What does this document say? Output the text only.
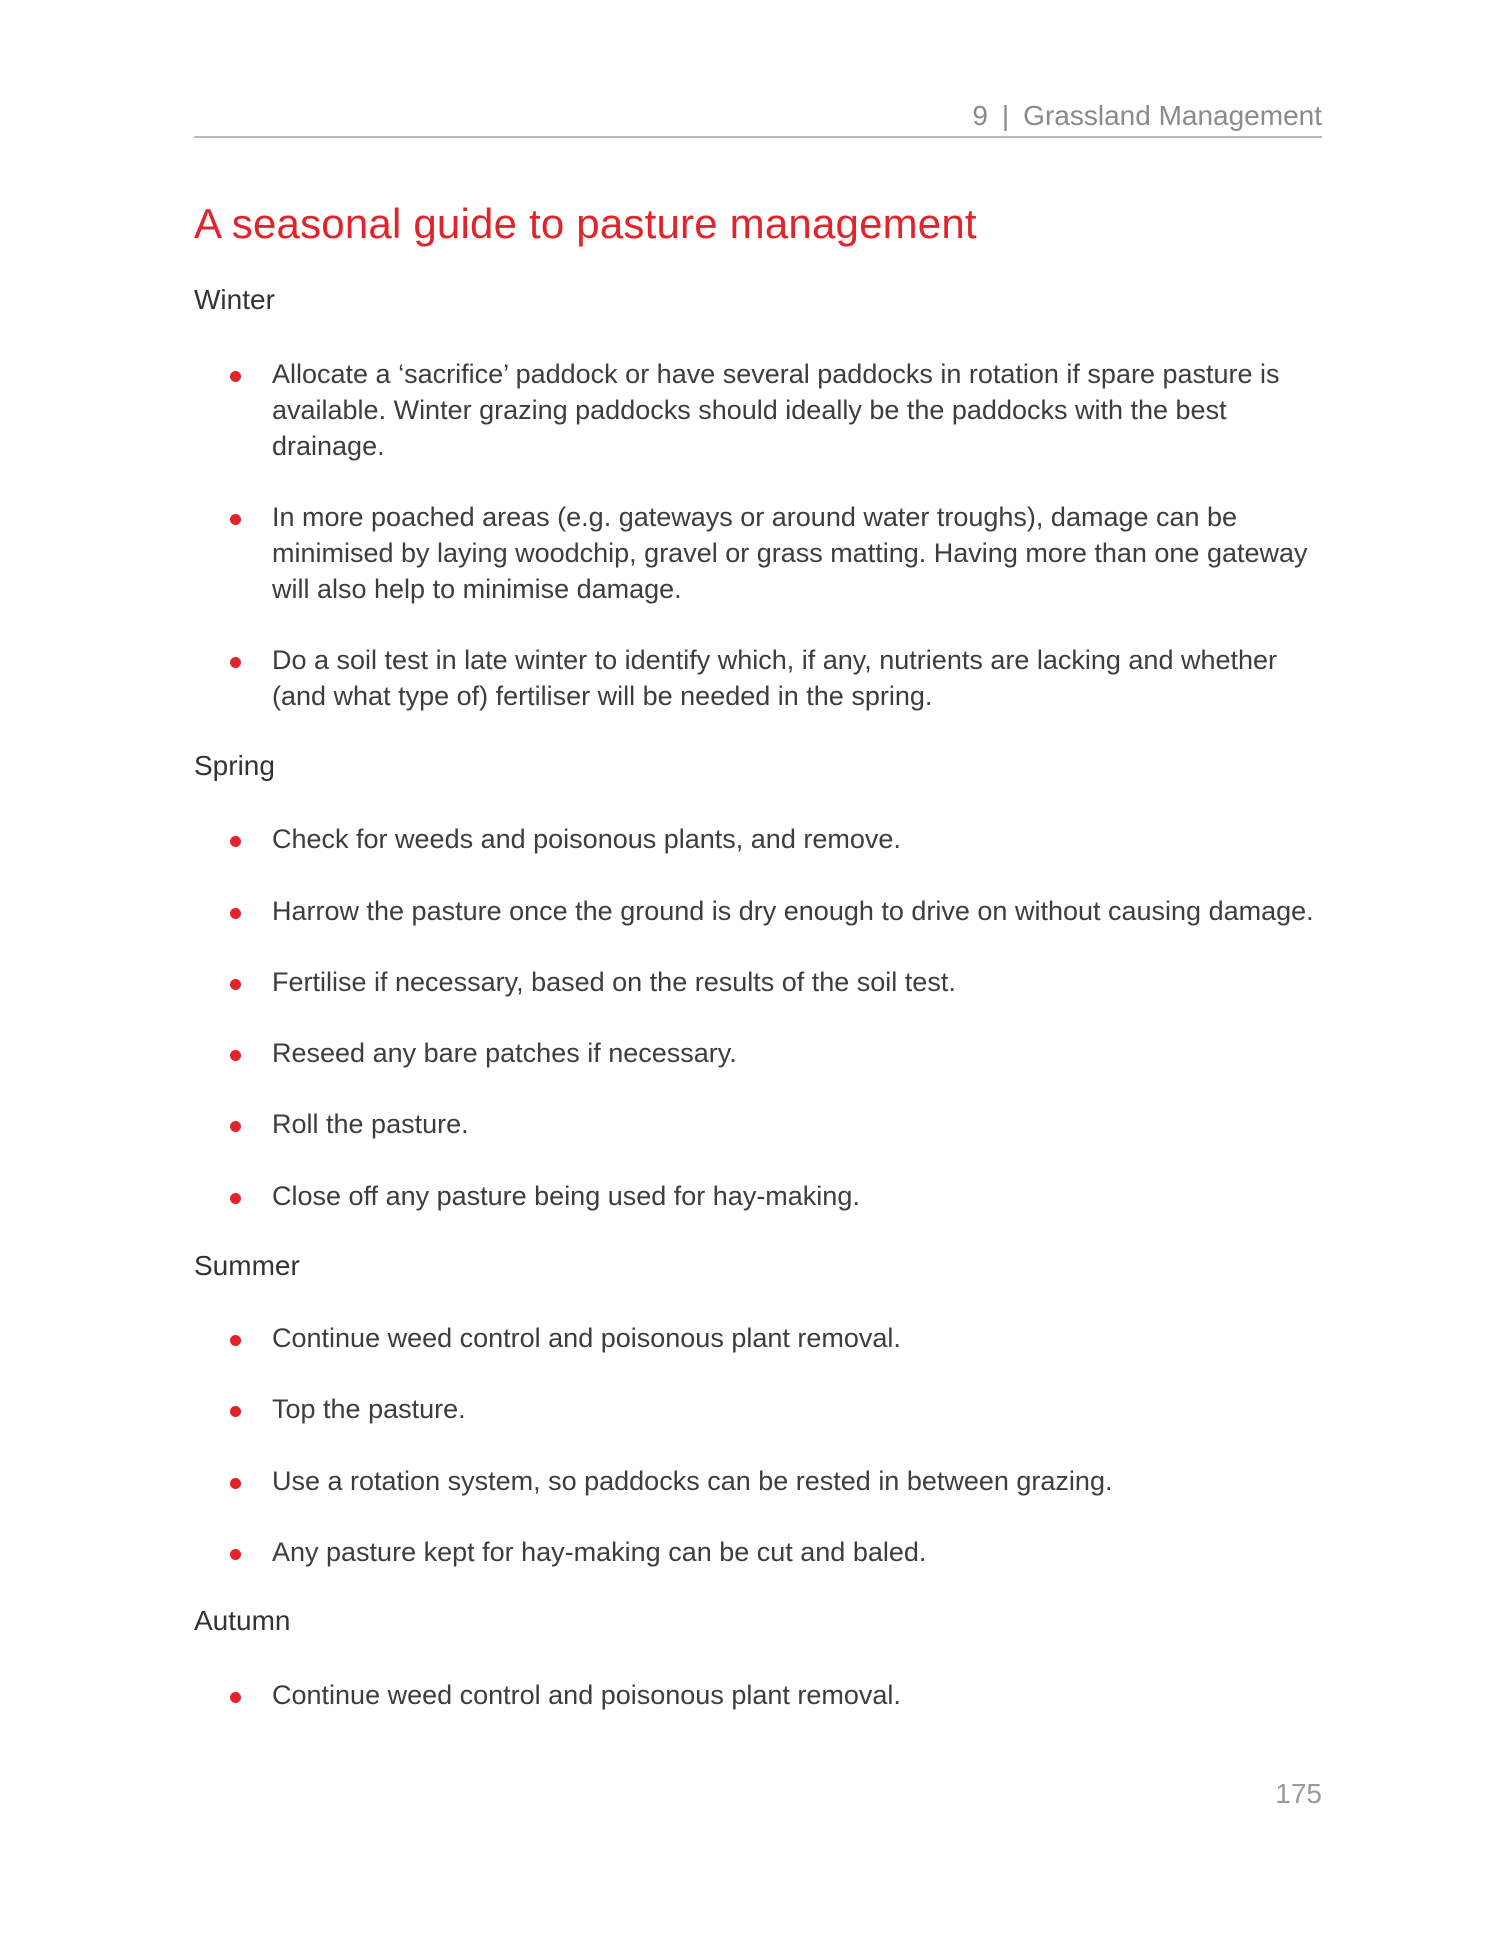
9 | Grassland Management
A seasonal guide to pasture management
Winter

Allocate a ‘sacrifice’ paddock or have several paddocks in rotation if spare pasture is available. Winter grazing paddocks should ideally be the paddocks with the best drainage.

In more poached areas (e.g. gateways or around water troughs), damage can be minimised by laying woodchip, gravel or grass matting. Having more than one gateway will also help to minimise damage.

Do a soil test in late winter to identify which, if any, nutrients are lacking and whether (and what type of) fertiliser will be needed in the spring.

Spring

Check for weeds and poisonous plants, and remove.

Harrow the pasture once the ground is dry enough to drive on without causing damage.

Fertilise if necessary, based on the results of the soil test.

Reseed any bare patches if necessary.

Roll the pasture.

Close off any pasture being used for hay-making.

Summer

Continue weed control and poisonous plant removal.

Top the pasture.

Use a rotation system, so paddocks can be rested in between grazing.

Any pasture kept for hay-making can be cut and baled.

Autumn

Continue weed control and poisonous plant removal.

175
